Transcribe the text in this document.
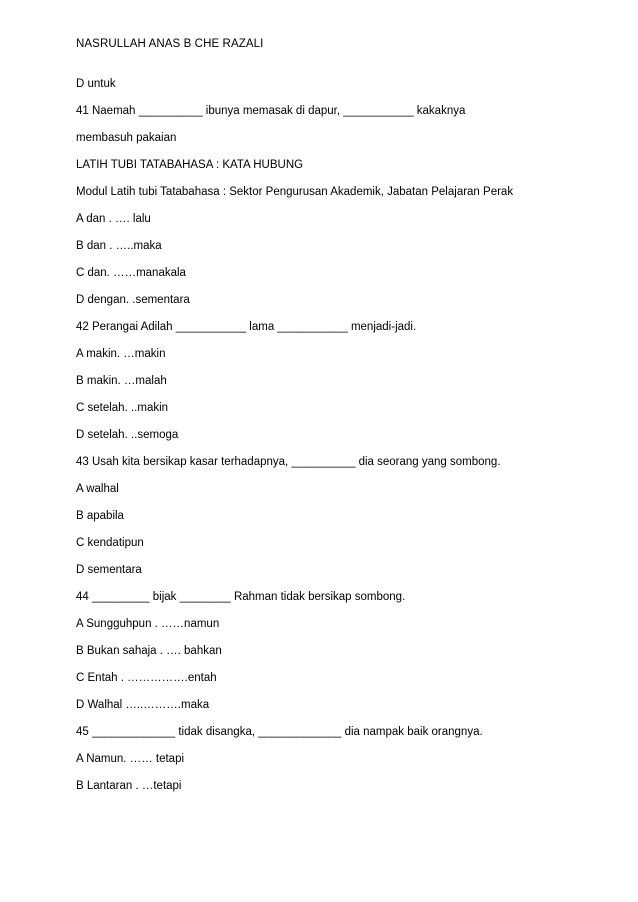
NASRULLAH ANAS B CHE RAZALI
D untuk
41 Naemah __________ ibunya memasak di dapur, ___________ kakaknya
membasuh pakaian
LATIH TUBI TATABAHASA : KATA HUBUNG
Modul Latih tubi Tatabahasa : Sektor Pengurusan Akademik, Jabatan Pelajaran Perak
A dan . …. lalu
B dan . …..maka
C dan. ……manakala
D dengan. .sementara
42 Perangai Adilah ___________ lama ___________ menjadi-jadi.
A makin. …makin
B makin. …malah
C setelah. ..makin
D setelah. ..semoga
43 Usah kita bersikap kasar terhadapnya, __________ dia seorang yang sombong.
A walhal
B apabila
C kendatipun
D sementara
44 _________ bijak ________ Rahman tidak bersikap sombong.
A Sungguhpun . ……namun
B Bukan sahaja . …. bahkan
C Entah . …………….entah
D Walhal …..……….maka
45 _____________ tidak disangka, _____________ dia nampak baik orangnya.
A Namun. …… tetapi
B Lantaran . …tetapi
